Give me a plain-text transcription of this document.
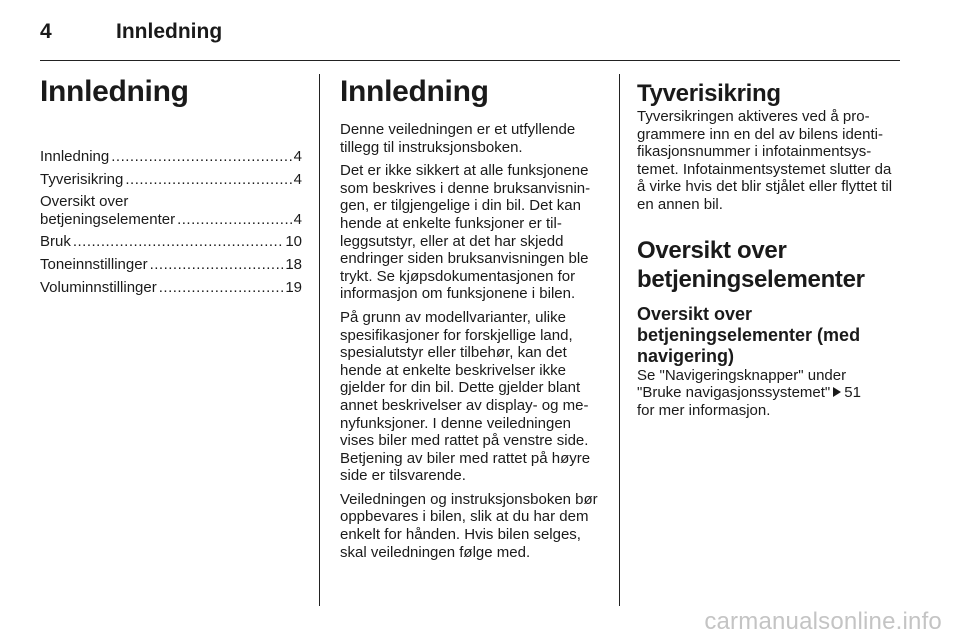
4	Innledning
Innledning
Innledning .....	4
Tyverisikring .....	4
Oversikt over
betjeningselementer .....	4
Bruk .....	10
Toneinnstillinger .....	18
Voluminnstillinger .....	19
Innledning

Denne veiledningen er et utfyllende tillegg til instruksjonsboken.

Det er ikke sikkert at alle funksjonene som beskrives i denne bruksanvisningen, er tilgjengelige i din bil. Det kan hende at enkelte funksjoner er tilleggsutstyr, eller at det har skjedd endringer siden bruksanvisningen ble trykt. Se kjøpsdokumentasjonen for informasjon om funksjonene i bilen.

På grunn av modellvarianter, ulike spesifikasjoner for forskjellige land, spesialutstyr eller tilbehør, kan det hende at enkelte beskrivelser ikke gjelder for din bil. Dette gjelder blant annet beskrivelser av display- og menyfunksjoner. I denne veiledningen vises biler med rattet på venstre side. Betjening av biler med rattet på høyre side er tilsvarende.

Veiledningen og instruksjonsboken bør oppbevares i bilen, slik at du har dem enkelt for hånden. Hvis bilen selges, skal veiledningen følge med.

Tyverisikring

Tyversikringen aktiveres ved å programmere inn en del av bilens identifikasjonsnummer i infotainmentsystemet. Infotainmentsystemet slutter da å virke hvis det blir stjålet eller flyttet til en annen bil.

Oversikt over
betjeningselementer
Oversikt over
betjeningselementer (med
navigering)

Se "Navigeringsknapper" under
"Bruke navigasjonssystemet" 51
for mer informasjon.

carmanualsonline.info
